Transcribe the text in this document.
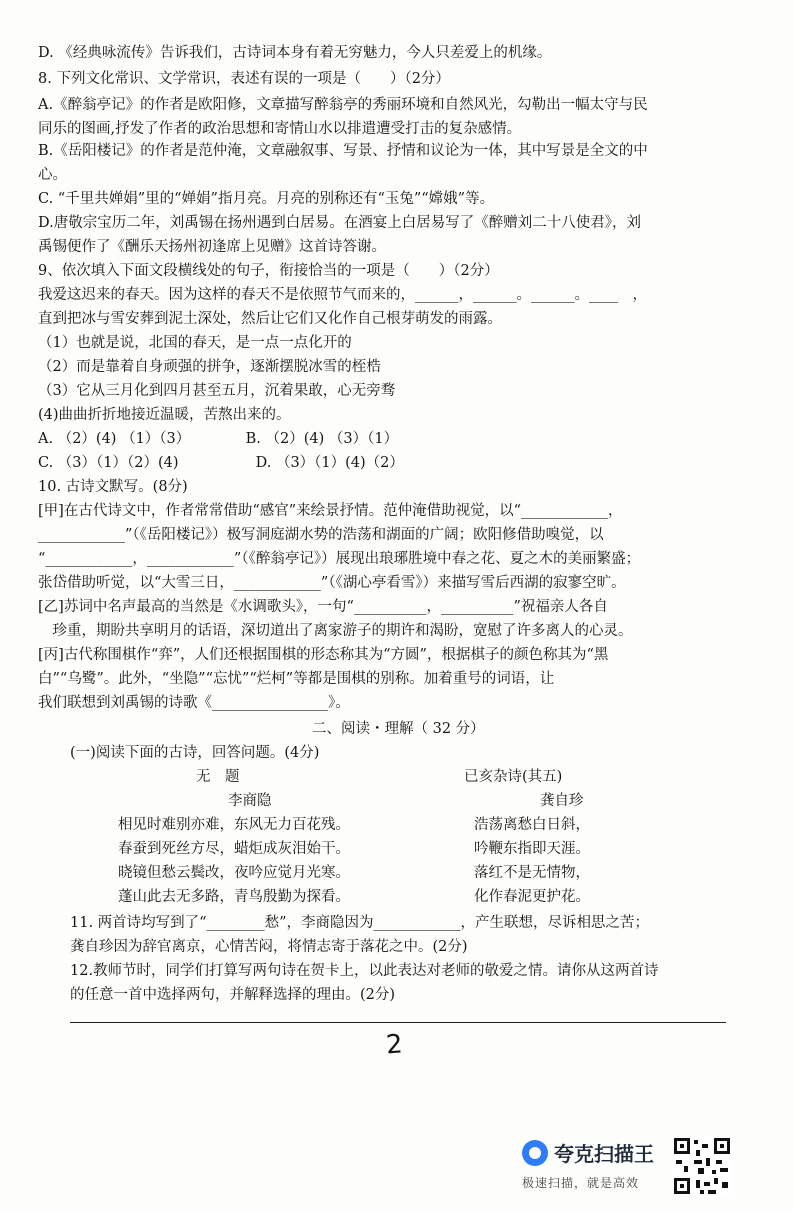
D. 《经典咏流传》告诉我们，古诗词本身有着无穷魅力，今人只差爱上的机缘。
8. 下列文化常识、文学常识，表述有误的一项是（　　）（2分）
A.《醉翁亭记》的作者是欧阳修，文章描写醉翁亭的秀丽环境和自然风光，勾勒出一幅太守与民
同乐的图画,抒发了作者的政治思想和寄情山水以排遣遭受打击的复杂感情。
B.《岳阳楼记》的作者是范仲淹，文章融叙事、写景、抒情和议论为一体，其中写景是全文的中
心。
C. “千里共婵娟”里的“婵娟”指月亮。月亮的别称还有“玉兔”“嫦娥”等。
D.唐敬宗宝历二年，刘禹锡在扬州遇到白居易。在酒宴上白居易写了《醉赠刘二十八使君》，刘
禹锡便作了《酬乐天扬州初逢席上见赠》这首诗答谢。
9、依次填入下面文段横线处的句子，衔接恰当的一项是（　　）（2分）
我爱这迟来的春天。因为这样的春天不是依照节气而来的，______，______。______。____　，
直到把冰与雪安葬到泥土深处，然后让它们又化作自己根芽萌发的雨露。
（1）也就是说，北国的春天，是一点一点化开的
（2）而是靠着自身顽强的拼争，逐渐摆脱冰雪的桎梏
（3）它从三月化到四月甚至五月，沉着果敢，心无旁骛
(4)曲曲折折地接近温暖，苦熬出来的。
A. （2）(4) （1）（3）　　　　 B. （2）(4) （3）（1）
C. （3）（1）（2）(4)　　　　　 D. （3）（1）(4)（2）
10. 古诗文默写。(8分)
[甲]在古代诗文中，作者常常借助“感官”来绘景抒情。范仲淹借助视觉，以“____________，
____________”（《岳阳楼记》）极写洞庭湖水势的浩荡和湖面的广阔；欧阳修借助嗅觉，以
“____________，____________”（《醉翁亭记》）展现出琅琊胜境中春之花、夏之木的美丽繁盛；
张岱借助听觉，以“大雪三日，____________”（《湖心亭看雪》）来描写雪后西湖的寂寥空旷。
[乙]苏词中名声最高的当然是《水调歌头》，一句“__________，__________”祝福亲人各自
　珍重，期盼共享明月的话语，深切道出了离家游子的期许和渴盼，宽慰了许多离人的心灵。
[丙]古代称围棋作“弈”，人们还根据围棋的形态称其为“方圆”，根据棋子的颜色称其为“黑
白”“乌鹭”。此外，“坐隐”“忘忧”“烂柯”等都是围棋的别称。加着重号的词语，让
我们联想到刘禹锡的诗歌《________________》。
二、阅读・理解（ 32 分）
(一)阅读下面的古诗，回答问题。(4分)
无　题
李商隐
相见时难别亦难，东风无力百花残。
春蚕到死丝方尽，蜡炬成灰泪始干。
晓镜但愁云鬓改，夜吟应觉月光寒。
蓬山此去无多路，青鸟殷勤为探看。
已亥杂诗(其五)
龚自珍
浩荡离愁白日斜，
吟鞭东指即天涯。
落红不是无情物，
化作春泥更护花。
11. 两首诗均写到了“________愁”，李商隐因为____________，产生联想，尽诉相思之苦；
龚自珍因为辞官离京，心情苦闷，将情志寄于落花之中。(2分)
12.教师节时，同学们打算写两句诗在贺卡上，以此表达对老师的敬爱之情。请你从这两首诗
的任意一首中选择两句，并解释选择的理由。(2分)
2
夸克扫描王
极速扫描，就是高效
